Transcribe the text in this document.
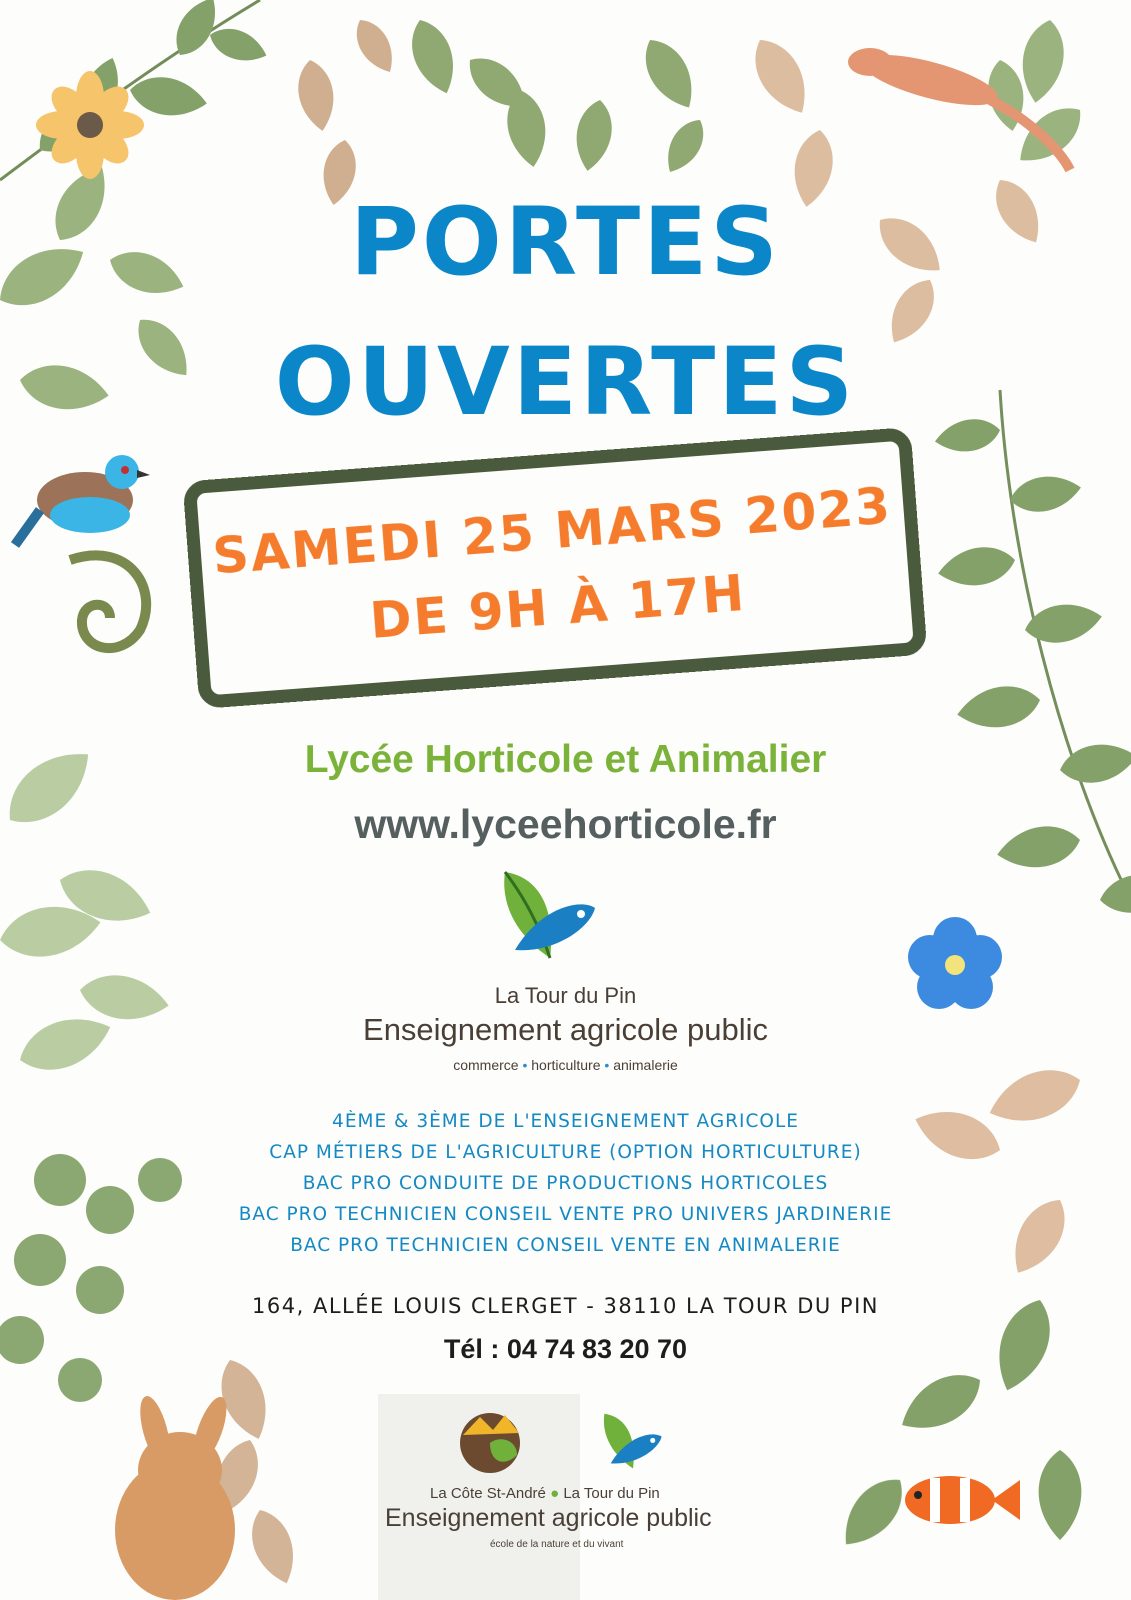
PORTES
OUVERTES
SAMEDI 25 MARS 2023
DE 9H À 17H
Lycée Horticole et Animalier
www.lyceehorticole.fr
La Tour du Pin
Enseignement agricole public
commerce • horticulture • animalerie
4ÈME & 3ÈME DE L'ENSEIGNEMENT AGRICOLE
CAP MÉTIERS DE L'AGRICULTURE (OPTION HORTICULTURE)
BAC PRO CONDUITE DE PRODUCTIONS HORTICOLES
BAC PRO TECHNICIEN CONSEIL VENTE PRO UNIVERS JARDINERIE
BAC PRO TECHNICIEN CONSEIL VENTE EN ANIMALERIE
164, ALLÉE LOUIS CLERGET - 38110 LA TOUR DU PIN
Tél : 04 74 83 20 70
La Côte St-André ● La Tour du Pin
Enseignement agricole public
école de la nature et du vivant
